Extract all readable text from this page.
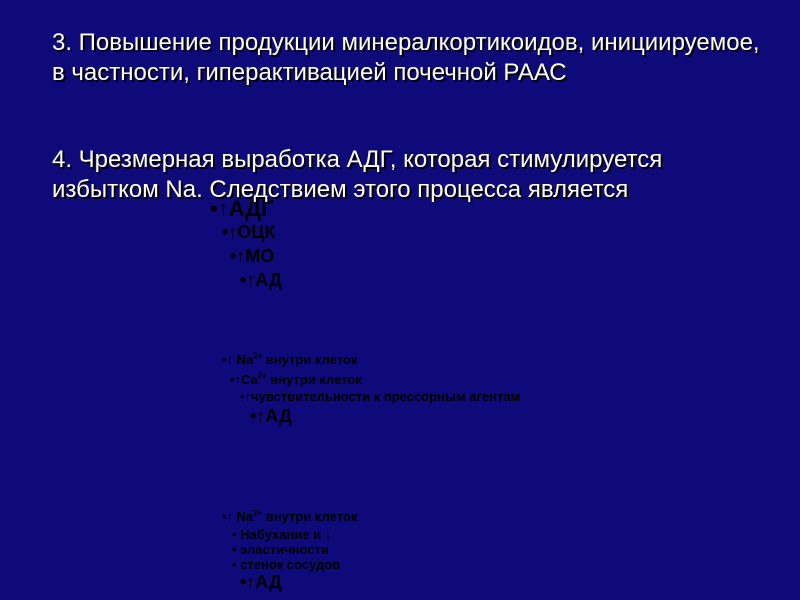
•↑АДГ
•↑ОЦК
•↑МО
•↑АД
•↑ $Na^{2+}$ внутри клеток
$•↑Ca^{2+}$ внутри клеток
•↑чувствительности к прессорным агентам
•↑АД
•↑ $Na^{2+}$ внутри клеток
• Набухание и ↓
• эластичности
• стенок сосудов
•↑АД

3. Повышение продукции минералкортикоидов, инициируемое, в частности, гиперактивацией почечной РААС

4. Чрезмерная выработка АДГ, которая стимулируется избытком Na. Следствием этого процесса является
